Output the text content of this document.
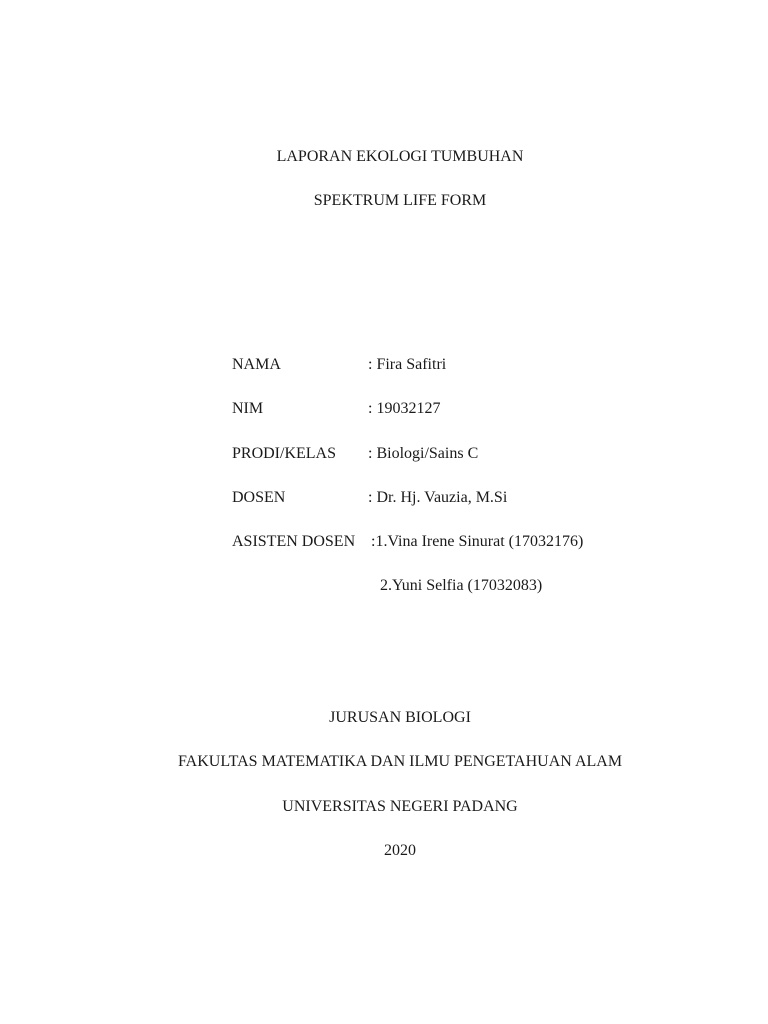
LAPORAN EKOLOGI TUMBUHAN
SPEKTRUM LIFE FORM
NAMA	: Fira Safitri
NIM	: 19032127
PRODI/KELAS : Biologi/Sains C
DOSEN	: Dr. Hj. Vauzia, M.Si
ASISTEN DOSEN :1.Vina Irene Sinurat (17032176)
2.Yuni Selfia (17032083)
JURUSAN BIOLOGI
FAKULTAS MATEMATIKA DAN ILMU PENGETAHUAN ALAM
UNIVERSITAS NEGERI PADANG
2020
